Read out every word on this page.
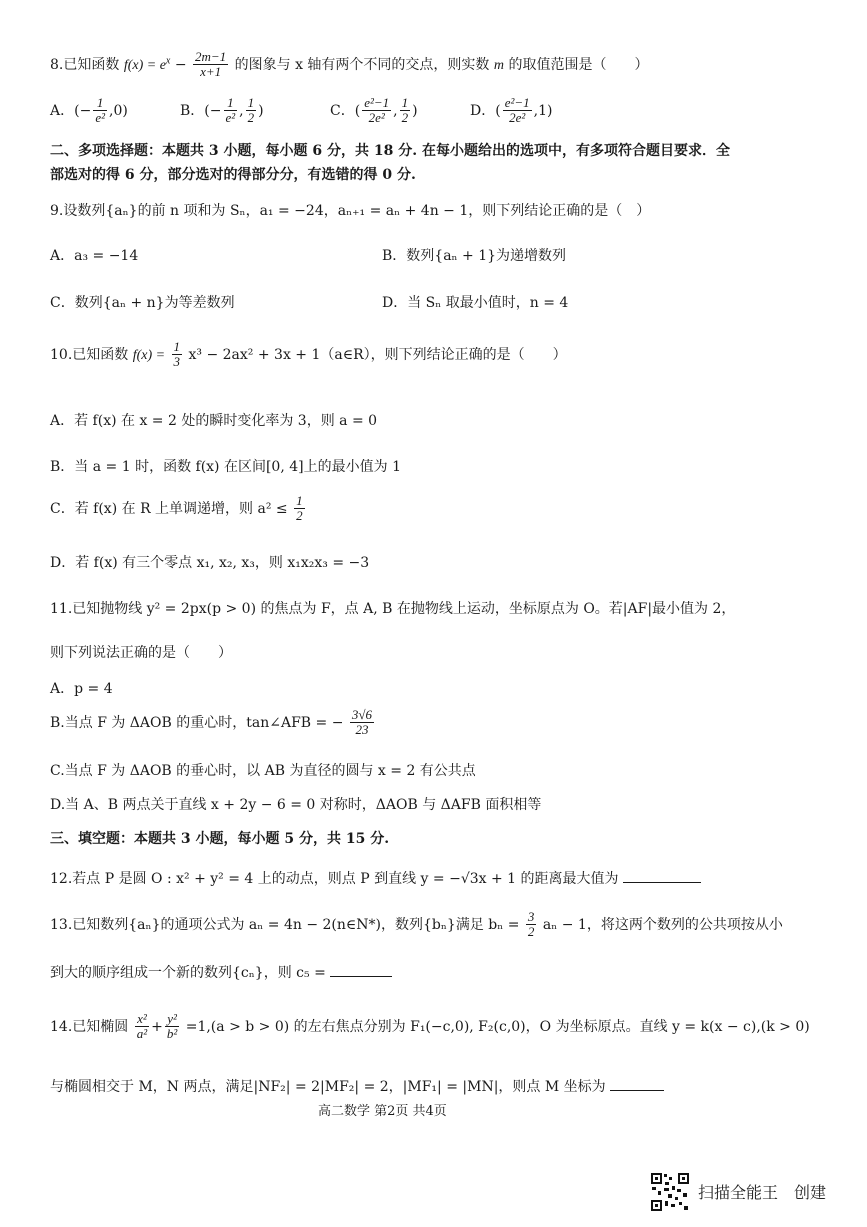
8.已知函数 $f(x) = e^x - \frac{2m-1}{x+1}$ 的图象与 x 轴有两个不同的交点，则实数 m 的取值范围是（　　）
A．(− $\frac{1}{\text{e²}} ,0$)	B．(− $\frac{1}{\text{e²}}$ , $\frac{1}{2}$ )	C．( $\frac{\text{e²−1}}{\text{2e²}}$ , $\frac{1}{2}$ )	D．( $\frac{\text{e²−1}}{\text{2e²}} ,1$)
二、多项选择题：本题共 3 小题，每小题 6 分，共 18 分. 在每小题给出的选项中，有多项符合题目要求．全
部选对的得 6 分，部分选对的得部分分，有选错的得 0 分.
9.设数列{aₙ}的前 n 项和为 Sₙ，a₁ = −24，aₙ₊₁ = aₙ + 4n − 1，则下列结论正确的是（　）
A．a₃ = −14	B．数列{aₙ + 1}为递增数列
C．数列{aₙ + n}为等差数列	D．当 Sₙ 取最小值时，n = 4
10.已知函数 $f(x) = \frac{1}{3} x^3 - 2ax^2 + 3x$ + 1（a∈R），则下列结论正确的是（　　）
A．若 f(x) 在 x = 2 处的瞬时变化率为 3，则 a = 0
B．当 a = 1 时，函数 f(x) 在区间[0, 4]上的最小值为 1
C．若 f(x) 在 R 上单调递增，则 $a^2 \le \frac{1}{2}$
D．若 f(x) 有三个零点 x₁, x₂, x₃，则 x₁x₂x₃ = −3
11.已知抛物线 y² = 2px(p > 0) 的焦点为 F，点 A, B 在抛物线上运动，坐标原点为 O。若|AF|最小值为 2，
则下列说法正确的是（　　）
A．p = 4
B.当点 F 为 ΔAOB 的重心时，tan∠AFB = − $\frac{3√6}{23}$
C.当点 F 为 ΔAOB 的垂心时，以 AB 为直径的圆与 x = 2 有公共点
D.当 A、B 两点关于直线 x + 2y − 6 = 0 对称时，ΔAOB 与 ΔAFB 面积相等
三、填空题：本题共 3 小题，每小题 5 分，共 15 分.
12.若点 P 是圆 O : x² + y² = 4 上的动点，则点 P 到直线 y = −√3x + 1 的距离最大值为
13.已知数列{aₙ}的通项公式为 aₙ = 4n − 2(n∈N*)，数列{bₙ}满足 $b_n = \frac{3}{2}$ aₙ − 1，将这两个数列的公共项按从小
到大的顺序组成一个新的数列{cₙ}，则 c₅ =
14.已知椭圆 $\frac{\text{x²}}{\text{a²}} + \frac{\text{y²}}{\text{b²}} =1,(a > b > 0)$ 的左右焦点分别为 F₁(−c,0), F₂(c,0)，O 为坐标原点。直线 y = k(x − c),(k > 0)
与椭圆相交于 M，N 两点，满足|NF₂| = 2|MF₂| = 2，|MF₁| = |MN|，则点 M 坐标为
高二数学 第2页 共4页
扫描全能王　创建
